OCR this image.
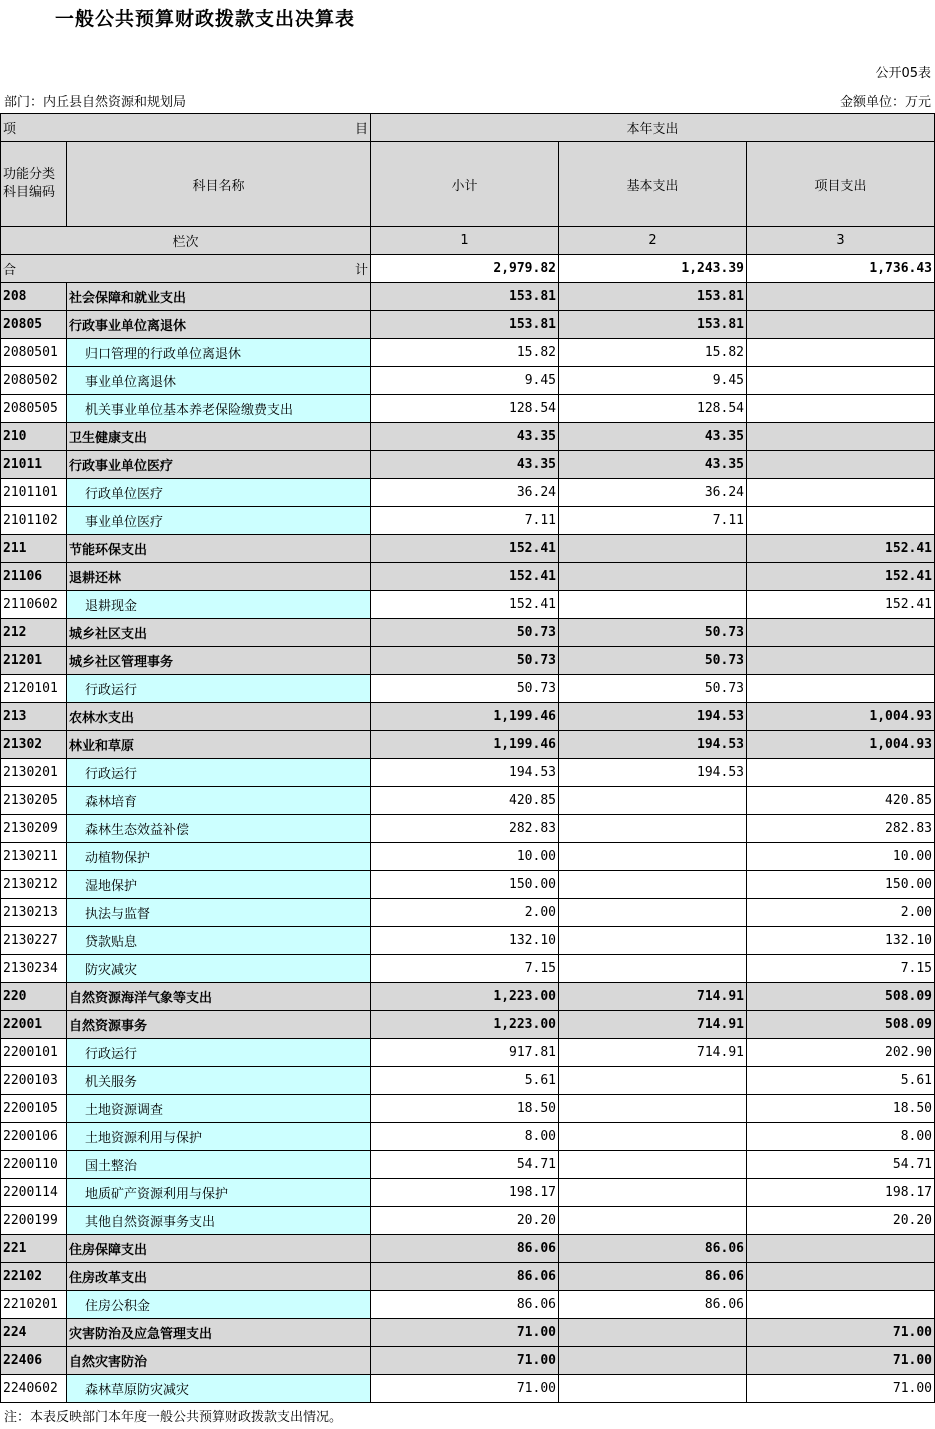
一般公共预算财政拨款支出决算表
公开05表
部门：内丘县自然资源和规划局	金额单位：万元
项 目		本年支出		
功能分类科目编码	科目名称	小计	基本支出	项目支出
栏次		1	2	3

合 计		2,979.82	1,243.39	1,736.43
208	社会保障和就业支出	153.81	153.81	
20805	行政事业单位离退休	153.81	153.81	
2080501	归口管理的行政单位离退休	15.82	15.82	
2080502	事业单位离退休	9.45	9.45	
2080505	机关事业单位基本养老保险缴费支出	128.54	128.54	
210	卫生健康支出	43.35	43.35	
21011	行政事业单位医疗	43.35	43.35	
2101101	行政单位医疗	36.24	36.24	
2101102	事业单位医疗	7.11	7.11	
211	节能环保支出	152.41		152.41
21106	退耕还林	152.41		152.41
2110602	退耕现金	152.41		152.41
212	城乡社区支出	50.73	50.73	
21201	城乡社区管理事务	50.73	50.73	
2120101	行政运行	50.73	50.73	
213	农林水支出	1,199.46	194.53	1,004.93
21302	林业和草原	1,199.46	194.53	1,004.93
2130201	行政运行	194.53	194.53	
2130205	森林培育	420.85		420.85
2130209	森林生态效益补偿	282.83		282.83
2130211	动植物保护	10.00		10.00
2130212	湿地保护	150.00		150.00
2130213	执法与监督	2.00		2.00
2130227	贷款贴息	132.10		132.10
2130234	防灾减灾	7.15		7.15
220	自然资源海洋气象等支出	1,223.00	714.91	508.09
22001	自然资源事务	1,223.00	714.91	508.09
2200101	行政运行	917.81	714.91	202.90
2200103	机关服务	5.61		5.61
2200105	土地资源调查	18.50		18.50
2200106	土地资源利用与保护	8.00		8.00
2200110	国土整治	54.71		54.71
2200114	地质矿产资源利用与保护	198.17		198.17
2200199	其他自然资源事务支出	20.20		20.20
221	住房保障支出	86.06	86.06	
22102	住房改革支出	86.06	86.06	
2210201	住房公积金	86.06	86.06	
224	灾害防治及应急管理支出	71.00		71.00
22406	自然灾害防治	71.00		71.00
2240602	森林草原防灾减灾	71.00		71.00
注：本表反映部门本年度一般公共预算财政拨款支出情况。
